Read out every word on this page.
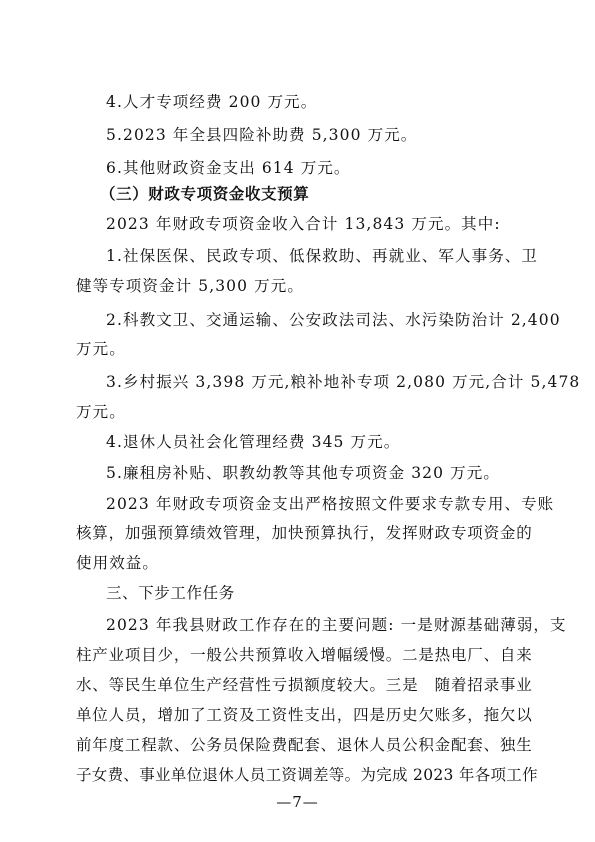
4.人才专项经费 200 万元。
5.2023 年全县四险补助费 5,300 万元。
6.其他财政资金支出 614 万元。
（三）财政专项资金收支预算
2023 年财政专项资金收入合计 13,843 万元。其中:
1.社保医保、民政专项、低保救助、再就业、军人事务、卫
健等专项资金计 5,300 万元。
2.科教文卫、交通运输、公安政法司法、水污染防治计 2,400
万元。
3.乡村振兴 3,398 万元,粮补地补专项 2,080 万元,合计 5,478
万元。
4.退休人员社会化管理经费 345 万元。
5.廉租房补贴、职教幼教等其他专项资金 320 万元。
2023 年财政专项资金支出严格按照文件要求专款专用、专账
核算，加强预算绩效管理，加快预算执行，发挥财政专项资金的
使用效益。
三、下步工作任务
2023 年我县财政工作存在的主要问题: 一是财源基础薄弱，支
柱产业项目少，一般公共预算收入增幅缓慢。二是热电厂、自来
水、等民生单位生产经营性亏损额度较大。三是　随着招录事业
单位人员，增加了工资及工资性支出，四是历史欠账多，拖欠以
前年度工程款、公务员保险费配套、退休人员公积金配套、独生
子女费、事业单位退休人员工资调差等。为完成 2023 年各项工作
—7—
